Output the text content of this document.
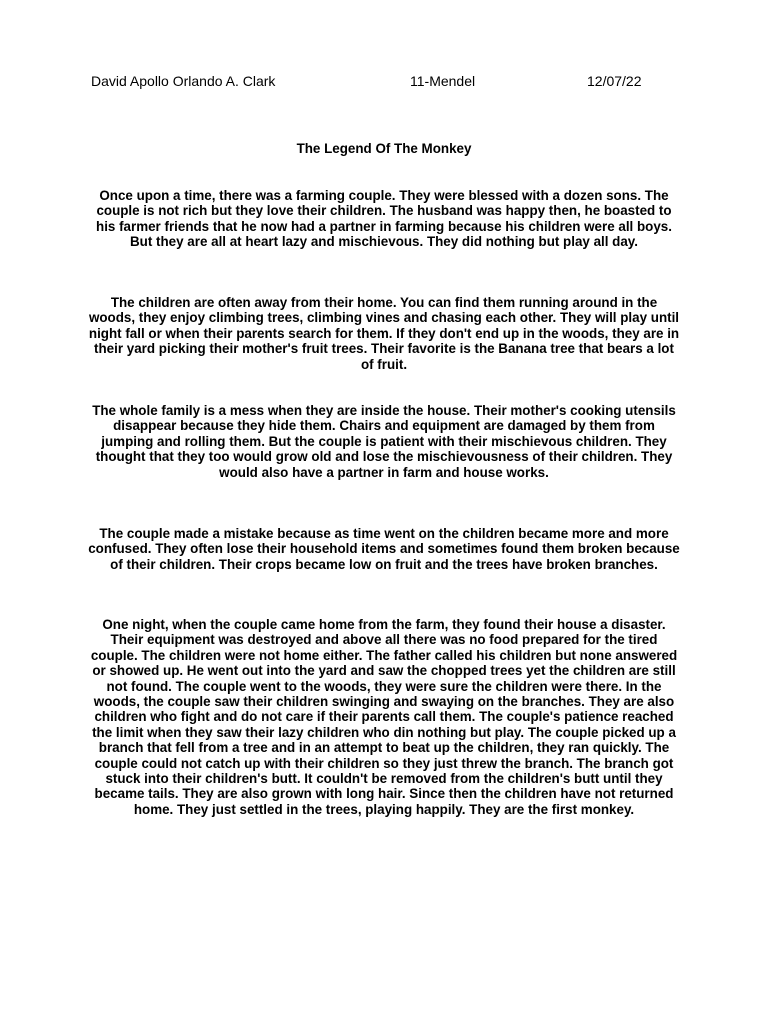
David Apollo Orlando A. Clark	11-Mendel	12/07/22
The Legend Of The Monkey

Once upon a time, there was a farming couple. They were blessed with a dozen sons. The couple is not rich but they love their children. The husband was happy then, he boasted to his farmer friends that he now had a partner in farming because his children were all boys. But they are all at heart lazy and mischievous. They did nothing but play all day.

The children are often away from their home. You can find them running around in the woods, they enjoy climbing trees, climbing vines and chasing each other. They will play until night fall or when their parents search for them. If they don't end up in the woods, they are in their yard picking their mother's fruit trees. Their favorite is the Banana tree that bears a lot of fruit.

The whole family is a mess when they are inside the house. Their mother's cooking utensils disappear because they hide them. Chairs and equipment are damaged by them from jumping and rolling them. But the couple is patient with their mischievous children. They thought that they too would grow old and lose the mischievousness of their children. They would also have a partner in farm and house works.

The couple made a mistake because as time went on the children became more and more confused. They often lose their household items and sometimes found them broken because of their children. Their crops became low on fruit and the trees have broken branches.

One night, when the couple came home from the farm, they found their house a disaster. Their equipment was destroyed and above all there was no food prepared for the tired couple. The children were not home either. The father called his children but none answered or showed up. He went out into the yard and saw the chopped trees yet the children are still not found. The couple went to the woods, they were sure the children were there. In the woods, the couple saw their children swinging and swaying on the branches. They are also children who fight and do not care if their parents call them. The couple's patience reached the limit when they saw their lazy children who din nothing but play. The couple picked up a branch that fell from a tree and in an attempt to beat up the children, they ran quickly. The couple could not catch up with their children so they just threw the branch. The branch got stuck into their children's butt. It couldn't be removed from the children's butt until they became tails. They are also grown with long hair. Since then the children have not returned home. They just settled in the trees, playing happily. They are the first monkey.
